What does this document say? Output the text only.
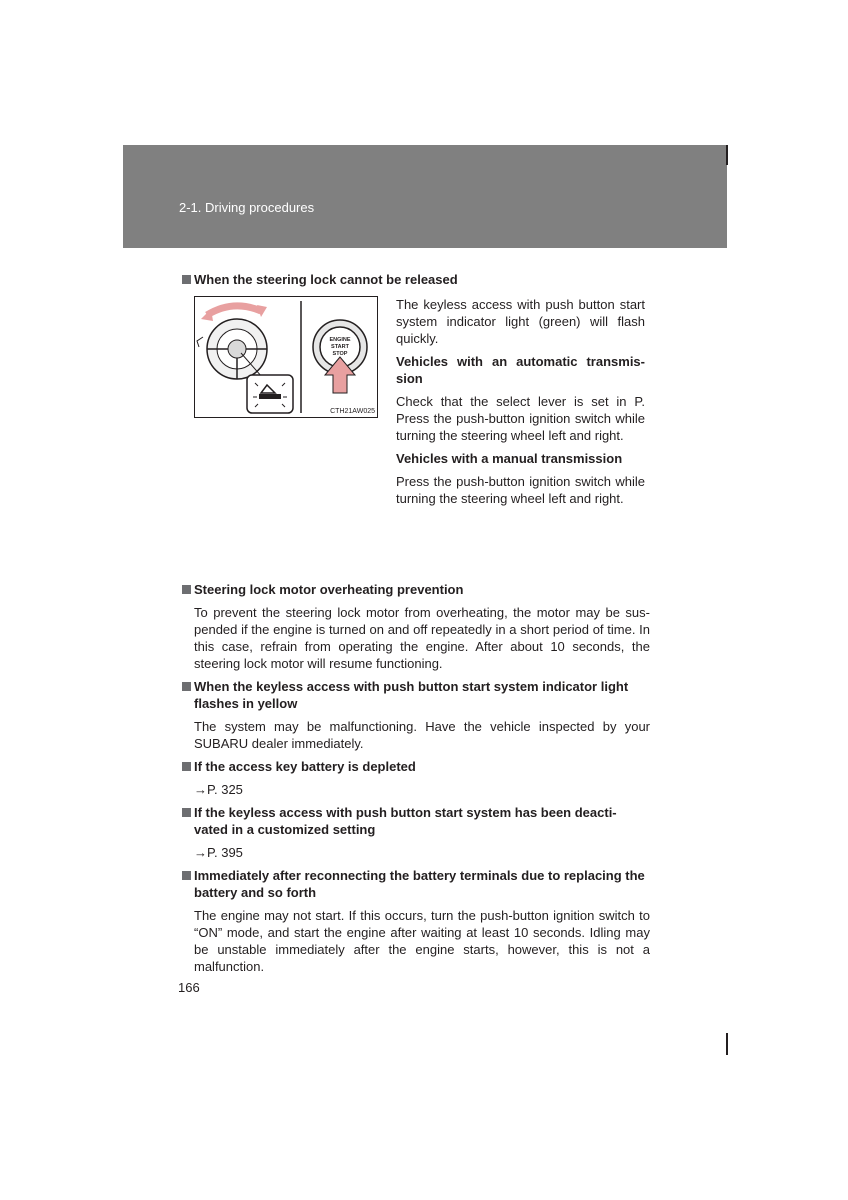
2-1. Driving procedures

When the steering lock cannot be released

ENGINE
START
STOP
CTH21AW025

The keyless access with push button start system indicator light (green) will flash quickly.

Vehicles with an automatic transmis-sion

Check that the select lever is set in P. Press the push-button ignition switch while turning the steering wheel left and right.

Vehicles with a manual transmission

Press the push-button ignition switch while turning the steering wheel left and right.

Steering lock motor overheating prevention

To prevent the steering lock motor from overheating, the motor may be sus-pended if the engine is turned on and off repeatedly in a short period of time. In this case, refrain from operating the engine. After about 10 seconds, the steering lock motor will resume functioning.

When the keyless access with push button start system indicator light flashes in yellow

The system may be malfunctioning. Have the vehicle inspected by your SUBARU dealer immediately.

If the access key battery is depleted

→P. 325

If the keyless access with push button start system has been deacti-vated in a customized setting

→P. 395

Immediately after reconnecting the battery terminals due to replacing the battery and so forth

The engine may not start. If this occurs, turn the push-button ignition switch to “ON” mode, and start the engine after waiting at least 10 seconds. Idling may be unstable immediately after the engine starts, however, this is not a malfunction.

166
